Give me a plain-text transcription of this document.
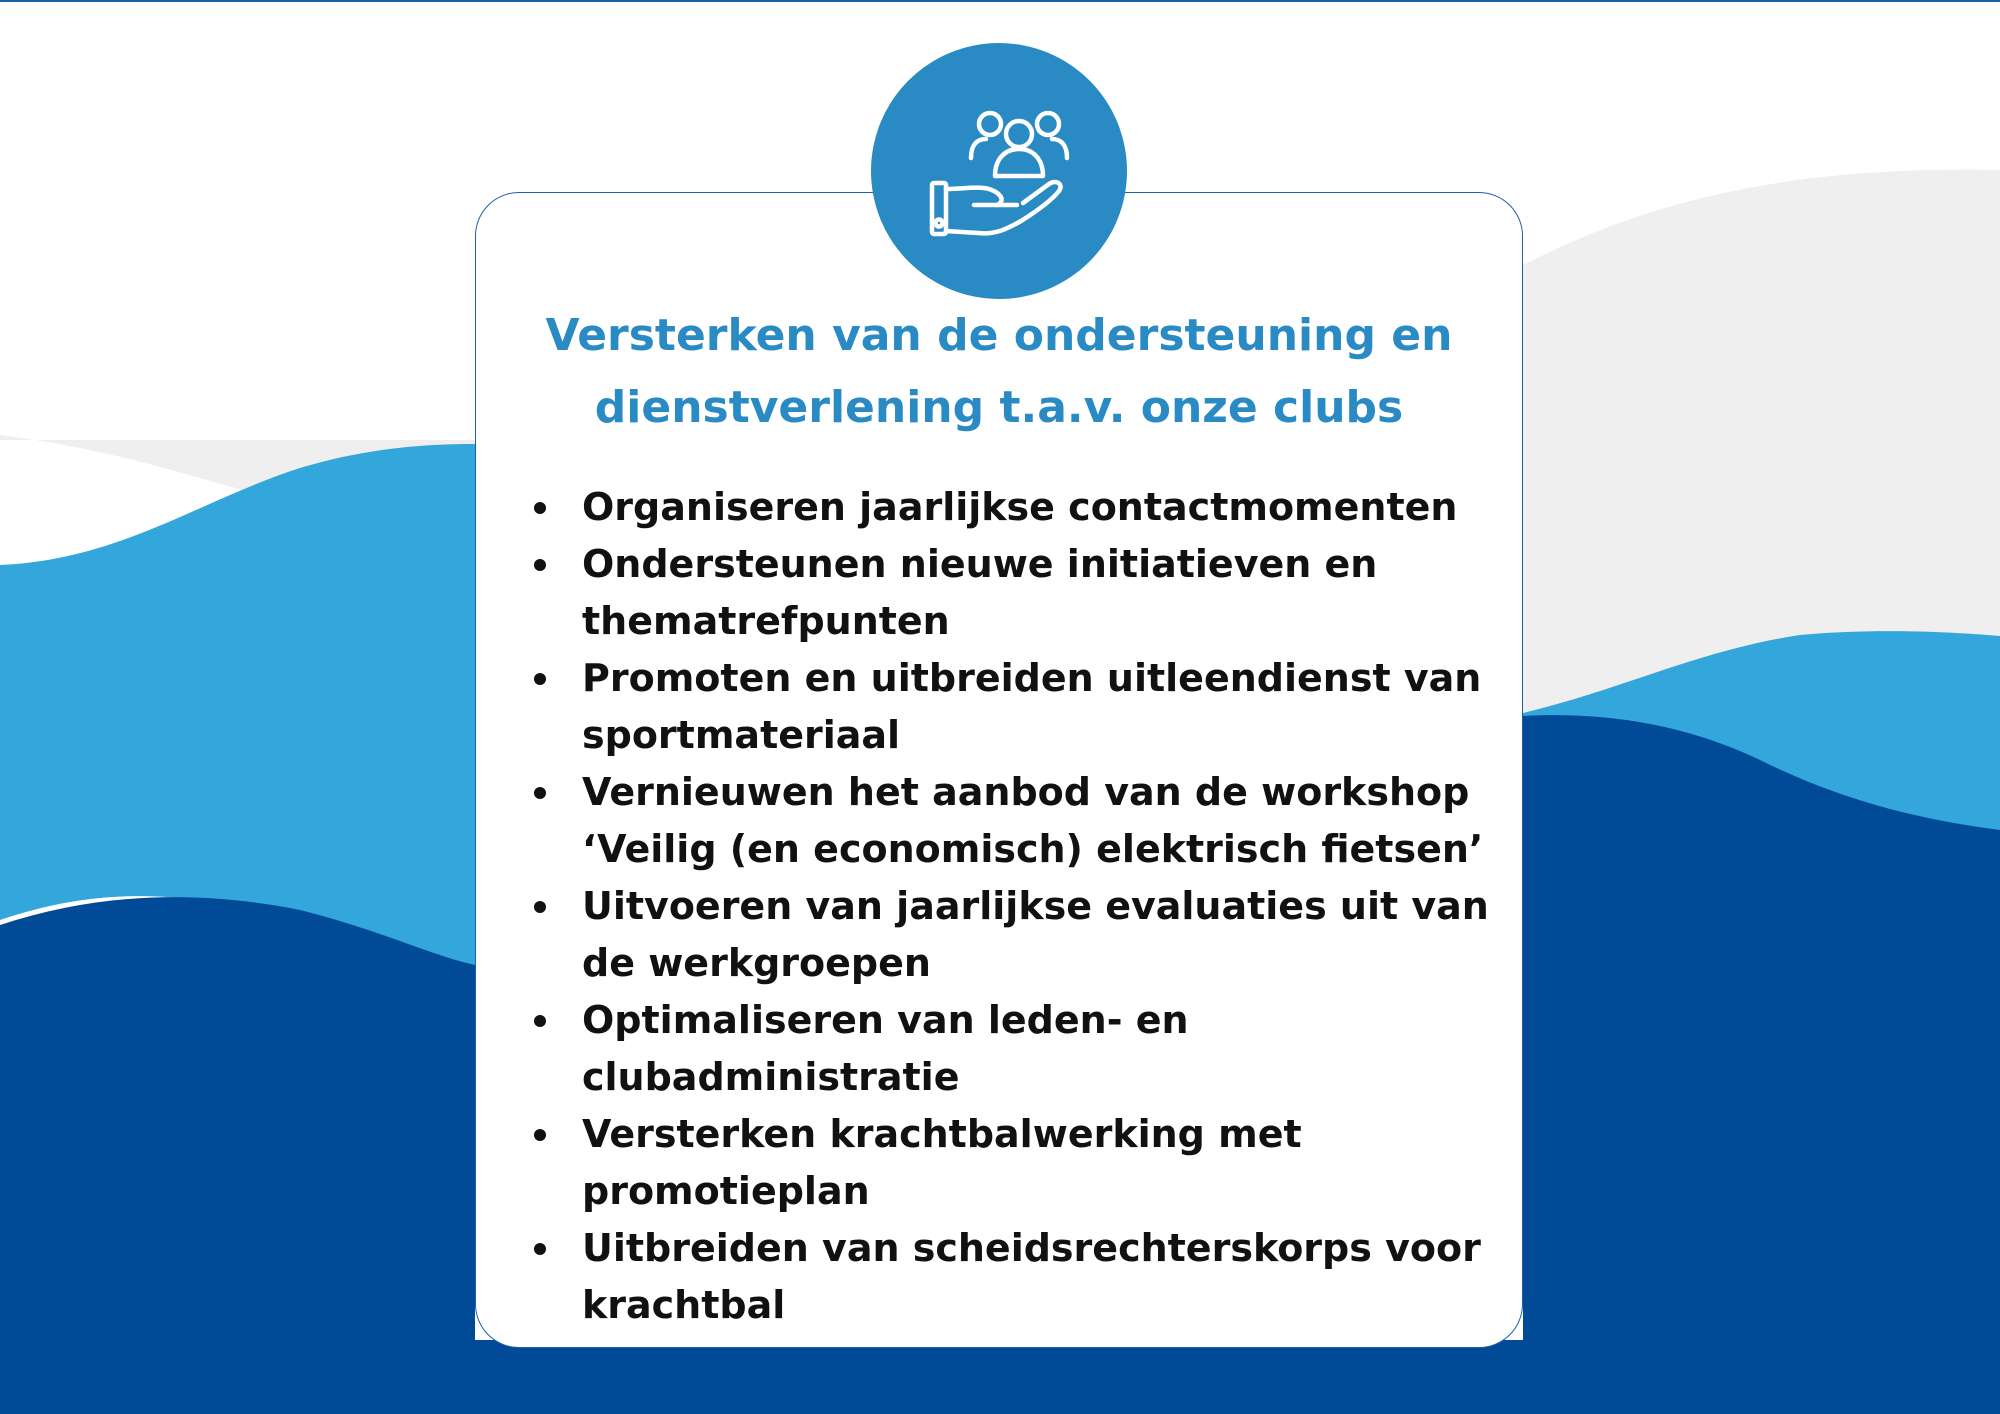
Versterken van de ondersteuning en
dienstverlening t.a.v. onze clubs
Organiseren jaarlijkse contactmomenten
Ondersteunen nieuwe initiatieven en
thematrefpunten
Promoten en uitbreiden uitleendienst van
sportmateriaal
Vernieuwen het aanbod van de workshop
‘Veilig (en economisch) elektrisch fietsen’
Uitvoeren van jaarlijkse evaluaties uit van
de werkgroepen
Optimaliseren van leden- en
clubadministratie
Versterken krachtbalwerking met
promotieplan
Uitbreiden van scheidsrechterskorps voor
krachtbal
